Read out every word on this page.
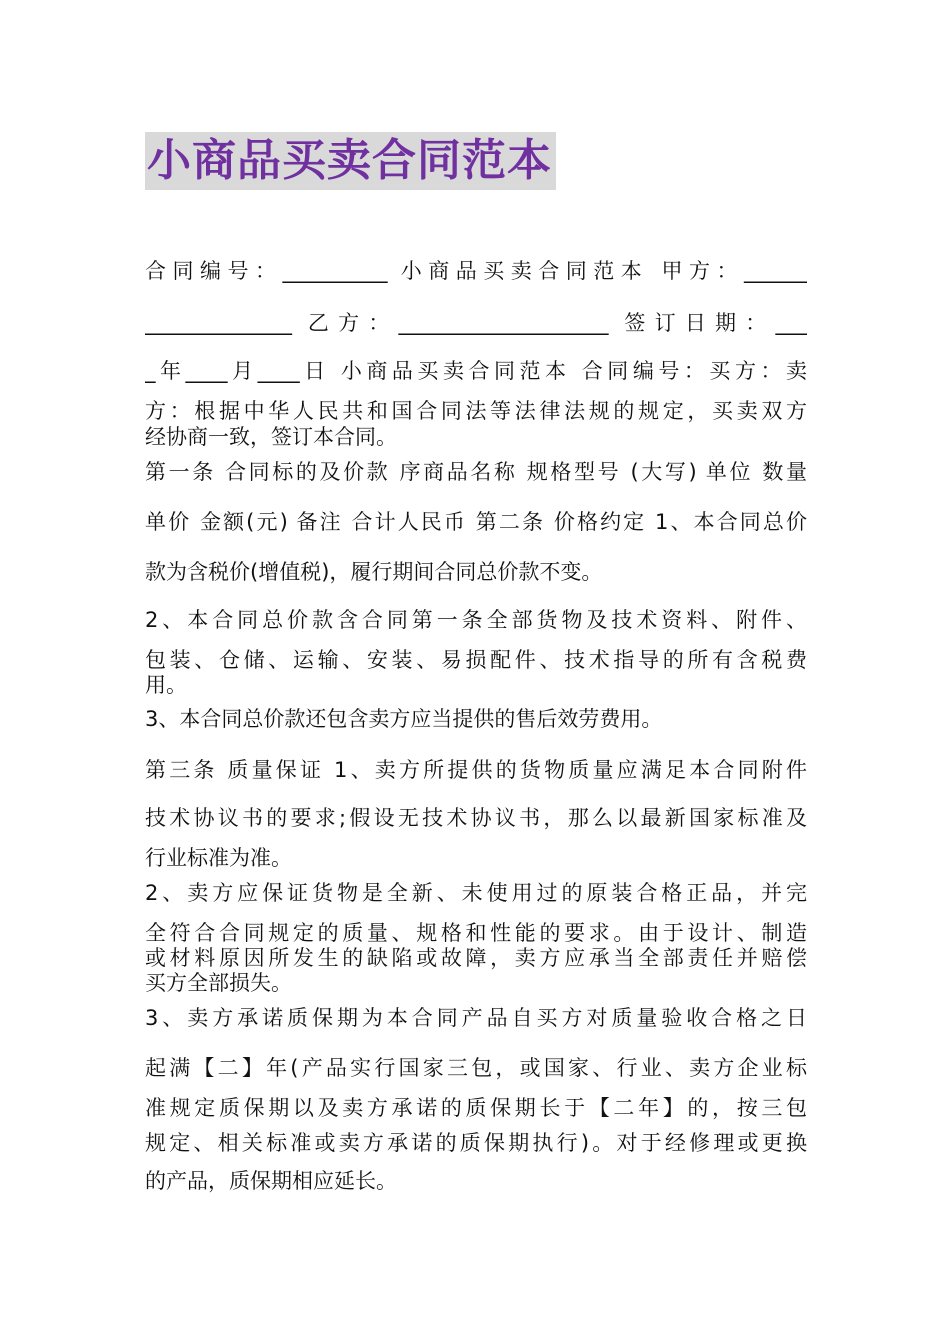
小商品买卖合同范本
合同编号：__________ 小商品买卖合同范本 甲方：______
______________ 乙方：____________________ 签订日期：___
_年____月____日 小商品买卖合同范本 合同编号：买方：卖
方：根据中华人民共和国合同法等法律法规的规定，买卖双方
经协商一致，签订本合同。
第一条 合同标的及价款 序商品名称 规格型号 (大写) 单位 数量
单价 金额(元) 备注 合计人民币 第二条 价格约定 1、本合同总价
款为含税价(增值税)，履行期间合同总价款不变。
2、本合同总价款含合同第一条全部货物及技术资料、附件、
包装、仓储、运输、安装、易损配件、技术指导的所有含税费
用。
3、本合同总价款还包含卖方应当提供的售后效劳费用。
第三条 质量保证 1、卖方所提供的货物质量应满足本合同附件
技术协议书的要求;假设无技术协议书，那么以最新国家标准及
行业标准为准。
2、卖方应保证货物是全新、未使用过的原装合格正品，并完
全符合合同规定的质量、规格和性能的要求。由于设计、制造
或材料原因所发生的缺陷或故障，卖方应承当全部责任并赔偿
买方全部损失。
3、卖方承诺质保期为本合同产品自买方对质量验收合格之日
起满【二】年(产品实行国家三包，或国家、行业、卖方企业标
准规定质保期以及卖方承诺的质保期长于【二年】的，按三包
规定、相关标准或卖方承诺的质保期执行)。对于经修理或更换
的产品，质保期相应延长。
